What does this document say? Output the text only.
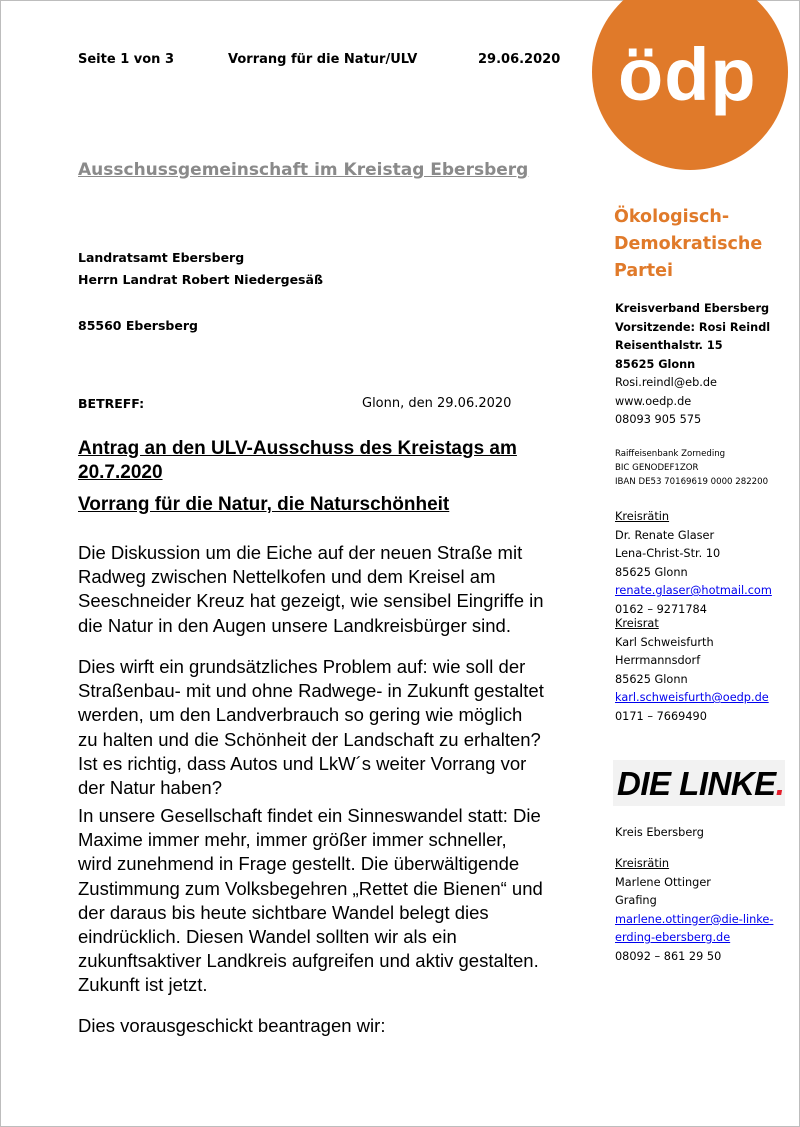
Seite 1 von 3	Vorrang für die Natur/ULV	29.06.2020
Ausschussgemeinschaft im Kreistag Ebersberg
Landratsamt Ebersberg
Herrn Landrat Robert Niedergesäß
85560 Ebersberg
BETREFF:	Glonn, den 29.06.2020
Antrag an den ULV-Ausschuss des Kreistags am 20.7.2020
Vorrang für die Natur, die Naturschönheit
Die Diskussion um die Eiche auf der neuen Straße mit
Radweg zwischen Nettelkofen und dem Kreisel am
Seeschneider Kreuz hat gezeigt, wie sensibel Eingriffe in
die Natur in den Augen unsere Landkreisbürger sind.
Dies wirft ein grundsätzliches Problem auf: wie soll der
Straßenbau- mit und ohne Radwege- in Zukunft gestaltet
werden, um den Landverbrauch so gering wie möglich
zu halten und die Schönheit der Landschaft zu erhalten?
Ist es richtig, dass Autos und LkW´s weiter Vorrang vor
der Natur haben?
In unsere Gesellschaft findet ein Sinneswandel statt: Die
Maxime immer mehr, immer größer immer schneller,
wird zunehmend in Frage gestellt. Die überwältigende
Zustimmung zum Volksbegehren „Rettet die Bienen“ und
der daraus bis heute sichtbare Wandel belegt dies
eindrücklich. Diesen Wandel sollten wir als ein
zukunftsaktiver Landkreis aufgreifen und aktiv gestalten.
Zukunft ist jetzt.
Dies vorausgeschickt beantragen wir:
ödp
Ökologisch-
Demokratische
Partei
Kreisverband Ebersberg
Vorsitzende: Rosi Reindl
Reisenthalstr. 15
85625 Glonn
Rosi.reindl@eb.de
www.oedp.de
08093 905 575
Raiffeisenbank Zorneding
BIC GENODEF1ZOR
IBAN DE53 70169619 0000 282200
Kreisrätin
Dr. Renate Glaser
Lena-Christ-Str. 10
85625 Glonn
renate.glaser@hotmail.com
0162 – 9271784
Kreisrat
Karl Schweisfurth
Herrmannsdorf
85625 Glonn
karl.schweisfurth@oedp.de
0171 – 7669490
DIE LINKE.
Kreis Ebersberg
Kreisrätin
Marlene Ottinger
Grafing
marlene.ottinger@die-linke-
erding-ebersberg.de
08092 – 861 29 50
